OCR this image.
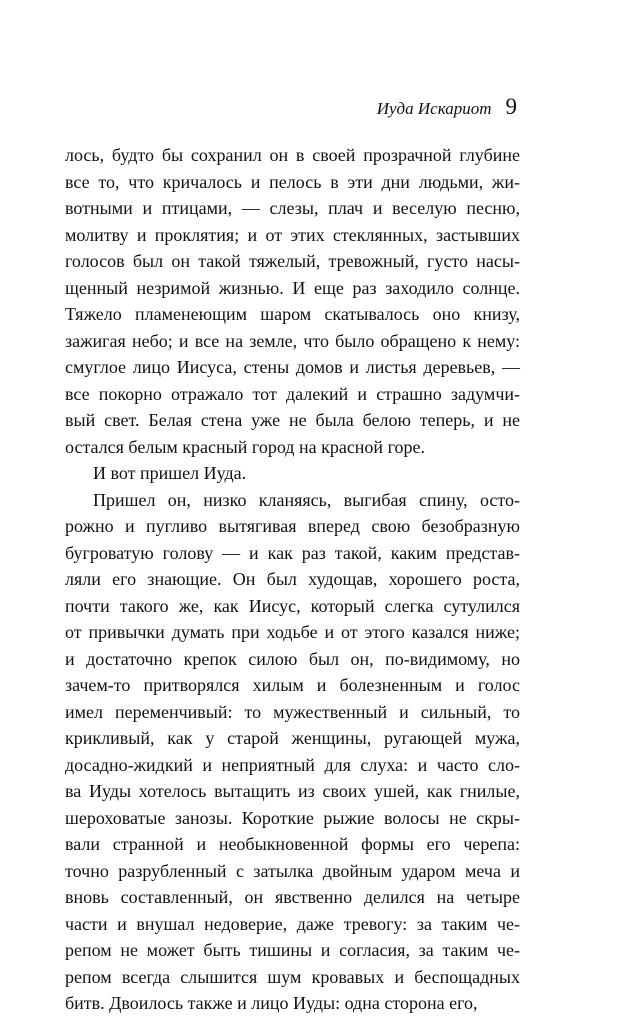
Иуда Искариот 9
лось, будто бы сохранил он в своей прозрачной глубине
все то, что кричалось и пелось в эти дни людьми, жи-
вотными и птицами, — слезы, плач и веселую песню,
молитву и проклятия; и от этих стеклянных, застывших
голосов был он такой тяжелый, тревожный, густо насы-
щенный незримой жизнью. И еще раз заходило солнце.
Тяжело пламенеющим шаром скатывалось оно книзу,
зажигая небо; и все на земле, что было обращено к нему:
смуглое лицо Иисуса, стены домов и листья деревьев, —
все покорно отражало тот далекий и страшно задумчи-
вый свет. Белая стена уже не была белою теперь, и не
остался белым красный город на красной горе.
И вот пришел Иуда.
Пришел он, низко кланяясь, выгибая спину, осто-
рожно и пугливо вытягивая вперед свою безобразную
бугроватую голову — и как раз такой, каким представ-
ляли его знающие. Он был худощав, хорошего роста,
почти такого же, как Иисус, который слегка сутулился
от привычки думать при ходьбе и от этого казался ниже;
и достаточно крепок силою был он, по-видимому, но
зачем-то притворялся хилым и болезненным и голос
имел переменчивый: то мужественный и сильный, то
крикливый, как у старой женщины, ругающей мужа,
досадно-жидкий и неприятный для слуха: и часто сло-
ва Иуды хотелось вытащить из своих ушей, как гнилые,
шероховатые занозы. Короткие рыжие волосы не скры-
вали странной и необыкновенной формы его черепа:
точно разрубленный с затылка двойным ударом меча и
вновь составленный, он явственно делился на четыре
части и внушал недоверие, даже тревогу: за таким че-
репом не может быть тишины и согласия, за таким че-
репом всегда слышится шум кровавых и беспощадных
битв. Двоилось также и лицо Иуды: одна сторона его,
